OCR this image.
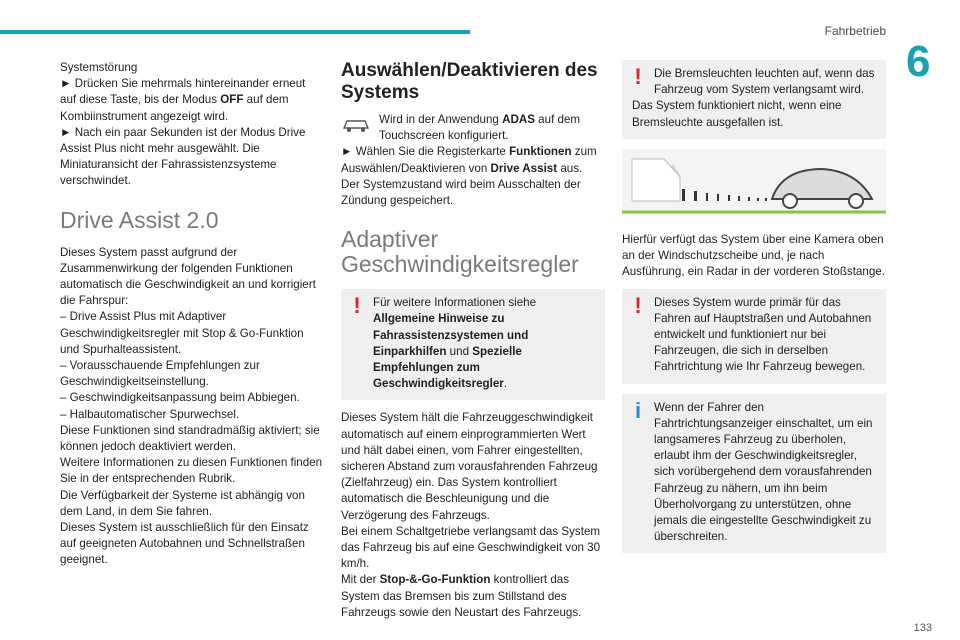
Fahrbetrieb
6
133

Systemstörung

► Drücken Sie mehrmals hintereinander erneut auf diese Taste, bis der Modus OFF auf dem Kombiinstrument angezeigt wird.

► Nach ein paar Sekunden ist der Modus Drive Assist Plus nicht mehr ausgewählt. Die Miniaturansicht der Fahrassistenzsysteme verschwindet.

Drive Assist 2.0

Dieses System passt aufgrund der Zusammenwirkung der folgenden Funktionen automatisch die Geschwindigkeit an und korrigiert die Fahrspur:

– Drive Assist Plus mit Adaptiver Geschwindigkeitsregler mit Stop & Go-Funktion und Spurhalteassistent.

– Vorausschauende Empfehlungen zur Geschwindigkeitseinstellung.

– Geschwindigkeitsanpassung beim Abbiegen.

– Halbautomatischer Spurwechsel.

Diese Funktionen sind standradmäßig aktiviert; sie können jedoch deaktiviert werden.

Weitere Informationen zu diesen Funktionen finden Sie in der entsprechenden Rubrik.

Die Verfügbarkeit der Systeme ist abhängig von dem Land, in dem Sie fahren.

Dieses System ist ausschließlich für den Einsatz auf geeigneten Autobahnen und Schnellstraßen geeignet.

Auswählen/Deaktivieren des Systems

Wird in der Anwendung ADAS auf dem Touchscreen konfiguriert.

► Wählen Sie die Registerkarte Funktionen zum Auswählen/Deaktivieren von Drive Assist aus.

Der Systemzustand wird beim Ausschalten der Zündung gespeichert.

Adaptiver Geschwindigkeitsregler
!	Für weitere Informationen siehe Allgemeine Hinweise zu Fahrassistenzsystemen und Einparkhilfen und Spezielle Empfehlungen zum Geschwindigkeitsregler.

Dieses System hält die Fahrzeuggeschwindigkeit automatisch auf einem einprogrammierten Wert und hält dabei einen, vom Fahrer eingestellten, sicheren Abstand zum vorausfahrenden Fahrzeug (Zielfahrzeug) ein. Das System kontrolliert automatisch die Beschleunigung und die Verzögerung des Fahrzeugs.

Bei einem Schaltgetriebe verlangsamt das System das Fahrzeug bis auf eine Geschwindigkeit von 30 km/h.

Mit der Stop-&-Go-Funktion kontrolliert das System das Bremsen bis zum Stillstand des Fahrzeugs sowie den Neustart des Fahrzeugs.

!	Die Bremsleuchten leuchten auf, wenn das Fahrzeug vom System verlangsamt wird.

Das System funktioniert nicht, wenn eine Bremsleuchte ausgefallen ist.

Hierfür verfügt das System über eine Kamera oben an der Windschutzscheibe und, je nach Ausführung, ein Radar in der vorderen Stoßstange.

!	Dieses System wurde primär für das Fahren auf Hauptstraßen und Autobahnen entwickelt und funktioniert nur bei Fahrzeugen, die sich in derselben Fahrtrichtung wie Ihr Fahrzeug bewegen.

i	Wenn der Fahrer den Fahrtrichtungsanzeiger einschaltet, um ein langsameres Fahrzeug zu überholen, erlaubt ihm der Geschwindigkeitsregler, sich vorübergehend dem vorausfahrenden Fahrzeug zu nähern, um ihn beim Überholvorgang zu unterstützen, ohne jemals die eingestellte Geschwindigkeit zu überschreiten.
